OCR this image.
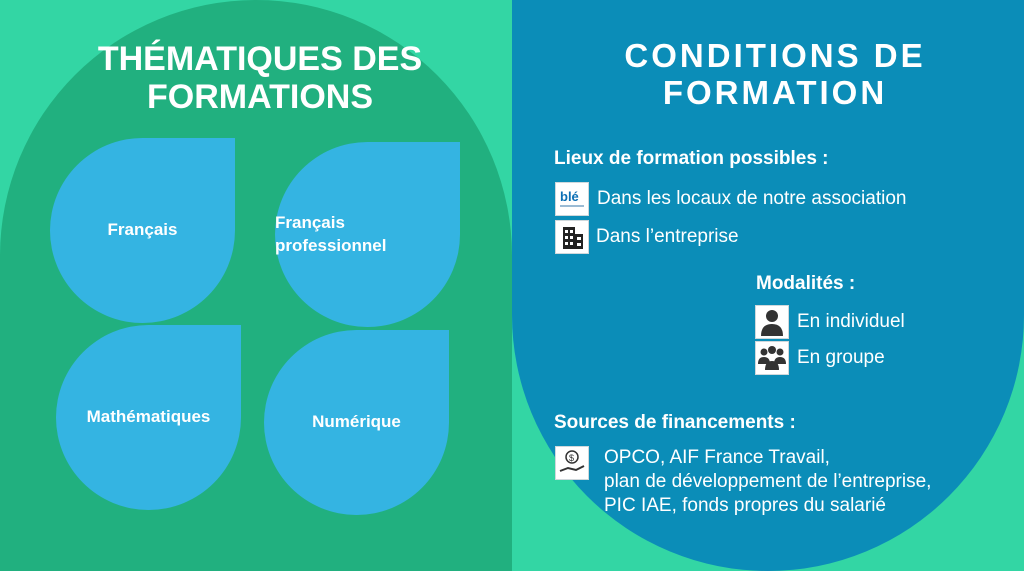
THÉMATIQUES DES FORMATIONS
CONDITIONS DE FORMATION
Français	Français professionnel
Mathématiques	Numérique
Lieux de formation possibles :
blé Dans les locaux de notre association
Dans l’entreprise
Modalités :
En individuel
En groupe
Sources de financements :
$ OPCO, AIF France Travail,
plan de développement de l’entreprise,
PIC IAE, fonds propres du salarié
